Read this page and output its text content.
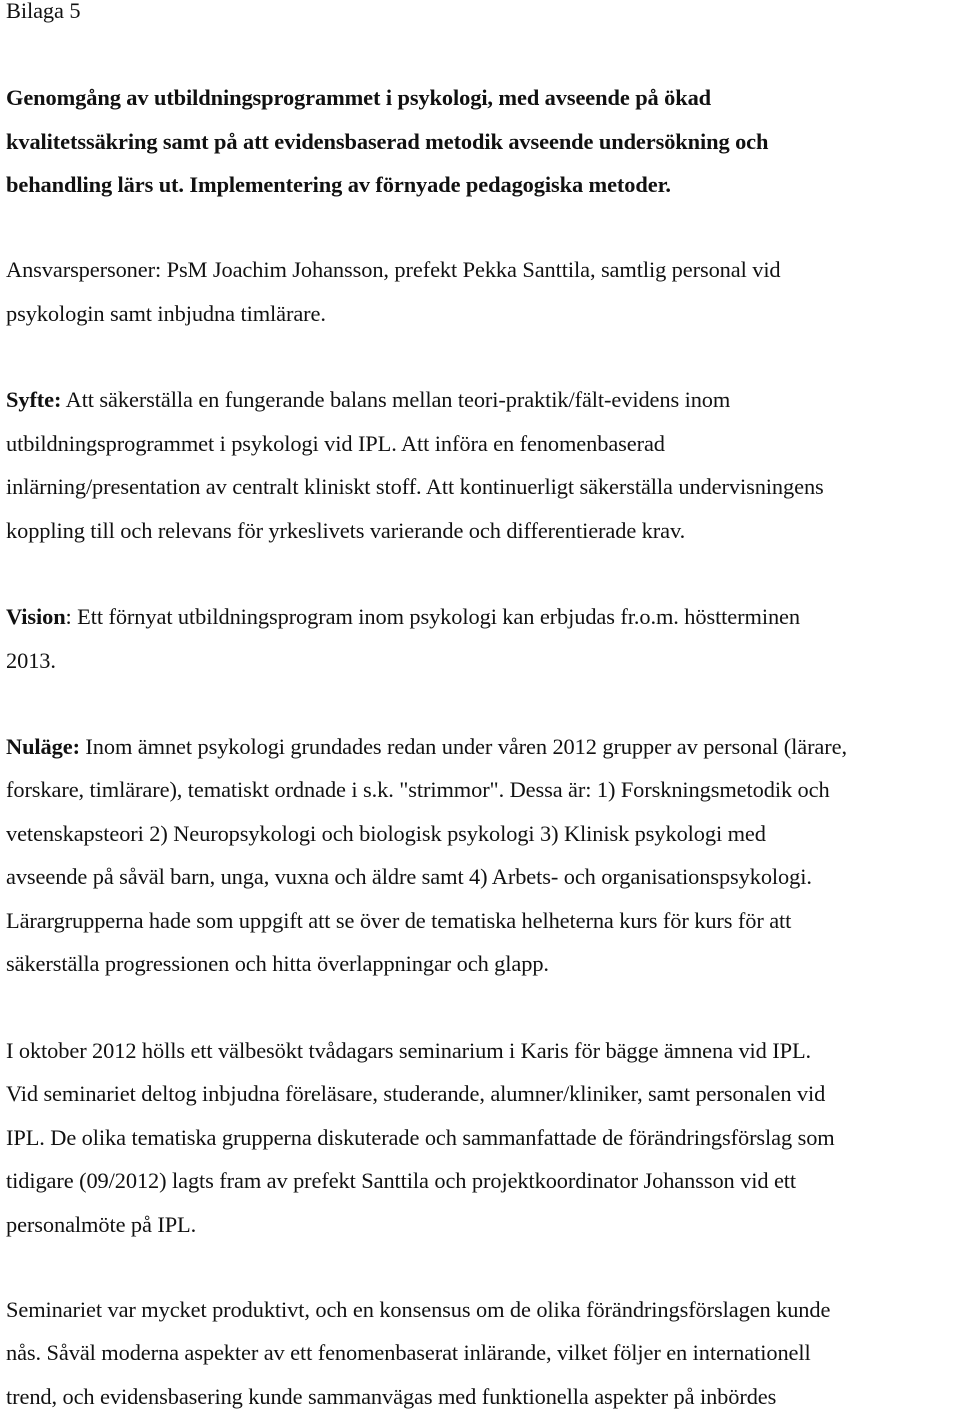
Bilaga 5

Genomgång av utbildningsprogrammet i psykologi, med avseende på ökad
kvalitetssäkring samt på att evidensbaserad metodik avseende undersökning och
behandling lärs ut. Implementering av förnyade pedagogiska metoder.

Ansvarspersoner: PsM Joachim Johansson, prefekt Pekka Santtila, samtlig personal vid
psykologin samt inbjudna timlärare.

Syfte: Att säkerställa en fungerande balans mellan teori-praktik/fält-evidens inom
utbildningsprogrammet i psykologi vid IPL. Att införa en fenomenbaserad
inlärning/presentation av centralt kliniskt stoff. Att kontinuerligt säkerställa undervisningens
koppling till och relevans för yrkeslivets varierande och differentierade krav.

Vision: Ett förnyat utbildningsprogram inom psykologi kan erbjudas fr.o.m. höstterminen
2013.

Nuläge: Inom ämnet psykologi grundades redan under våren 2012 grupper av personal (lärare,
forskare, timlärare), tematiskt ordnade i s.k. "strimmor". Dessa är: 1) Forskningsmetodik och
vetenskapsteori 2) Neuropsykologi och biologisk psykologi 3) Klinisk psykologi med
avseende på såväl barn, unga, vuxna och äldre samt 4) Arbets- och organisationspsykologi.
Lärargrupperna hade som uppgift att se över de tematiska helheterna kurs för kurs för att
säkerställa progressionen och hitta överlappningar och glapp.

I oktober 2012 hölls ett välbesökt tvådagars seminarium i Karis för bägge ämnena vid IPL.
Vid seminariet deltog inbjudna föreläsare, studerande, alumner/kliniker, samt personalen vid
IPL. De olika tematiska grupperna diskuterade och sammanfattade de förändringsförslag som
tidigare (09/2012) lagts fram av prefekt Santtila och projektkoordinator Johansson vid ett
personalmöte på IPL.

Seminariet var mycket produktivt, och en konsensus om de olika förändringsförslagen kunde
nås. Såväl moderna aspekter av ett fenomenbaserat inlärande, vilket följer en internationell
trend, och evidensbasering kunde sammanvägas med funktionella aspekter på inbördes
